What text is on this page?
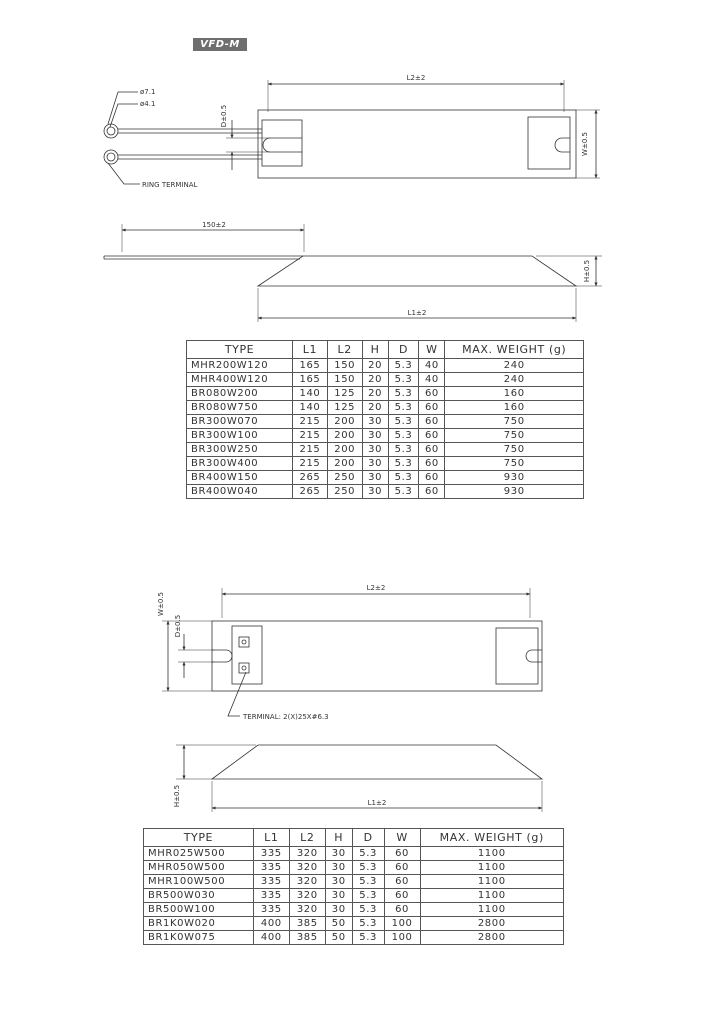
VFD-M
L2±2
W±0.5
D±0.5
ø7.1
ø4.1
RING TERMINAL
150±2
H±0.5
L1±2
L2±2
W±0.5
D±0.5
TERMINAL: 2(X)25X#6.3
H±0.5	L1±2
TYPE	L1	L2	H	D	W	MAX. WEIGHT (g)
MHR200W120	165	150	20	5.3	40	240
MHR400W120	165	150	20	5.3	40	240
BR080W200	140	125	20	5.3	60	160
BR080W750	140	125	20	5.3	60	160
BR300W070	215	200	30	5.3	60	750
BR300W100	215	200	30	5.3	60	750
BR300W250	215	200	30	5.3	60	750
BR300W400	215	200	30	5.3	60	750
BR400W150	265	250	30	5.3	60	930
BR400W040	265	250	30	5.3	60	930
TYPE	L1	L2	H	D	W	MAX. WEIGHT (g)
MHR025W500	335	320	30	5.3	60	1100
MHR050W500	335	320	30	5.3	60	1100
MHR100W500	335	320	30	5.3	60	1100
BR500W030	335	320	30	5.3	60	1100
BR500W100	335	320	30	5.3	60	1100
BR1K0W020	400	385	50	5.3	100	2800
BR1K0W075	400	385	50	5.3	100	2800
